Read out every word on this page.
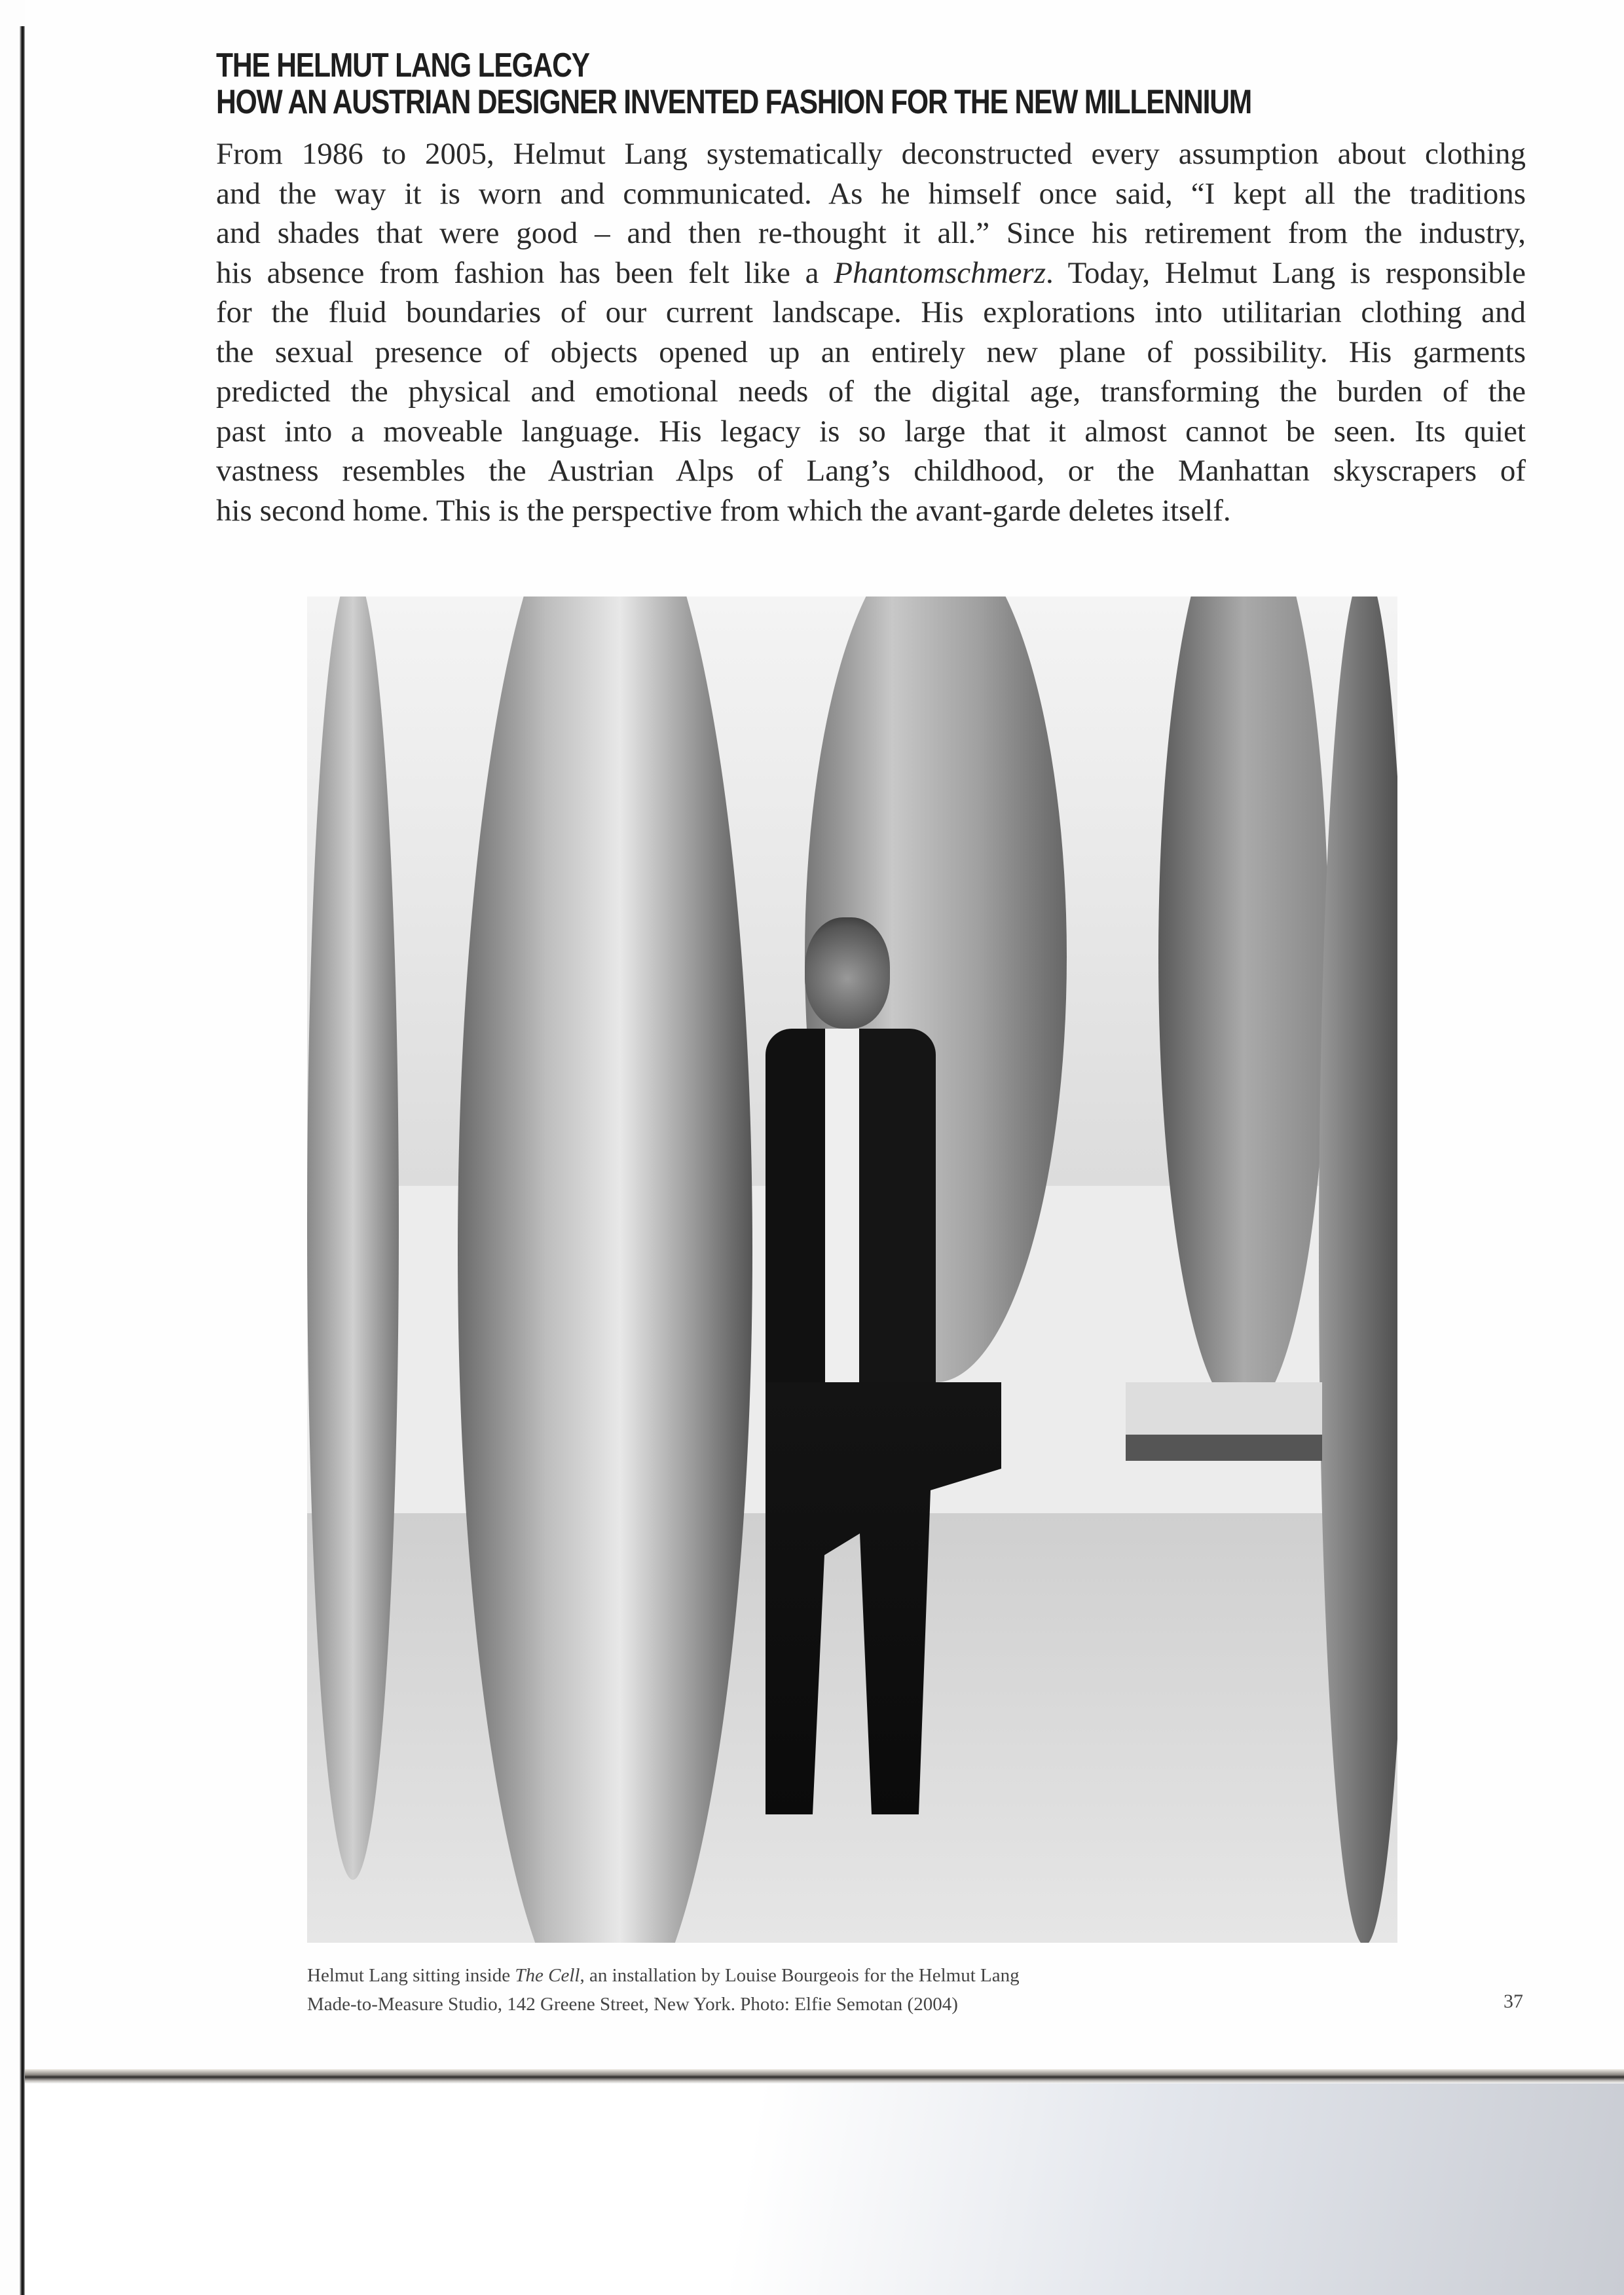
THE HELMUT LANG LEGACY
HOW AN AUSTRIAN DESIGNER INVENTED FASHION FOR THE NEW MILLENNIUM
From 1986 to 2005, Helmut Lang systematically deconstructed every assumption about clothing
and the way it is worn and communicated. As he himself once said, “I kept all the traditions
and shades that were good – and then re-thought it all.” Since his retirement from the industry,
his absence from fashion has been felt like a Phantomschmerz. Today, Helmut Lang is responsible
for the fluid boundaries of our current landscape. His explorations into utilitarian clothing and
the sexual presence of objects opened up an entirely new plane of possibility. His garments
predicted the physical and emotional needs of the digital age, transforming the burden of the
past into a moveable language. His legacy is so large that it almost cannot be seen. Its quiet
vastness resembles the Austrian Alps of Lang’s childhood, or the Manhattan skyscrapers of
his second home. This is the perspective from which the avant-garde deletes itself.
Helmut Lang sitting inside The Cell, an installation by Louise Bourgeois for the Helmut Lang
Made-to-Measure Studio, 142 Greene Street, New York. Photo: Elfie Semotan (2004)	37
